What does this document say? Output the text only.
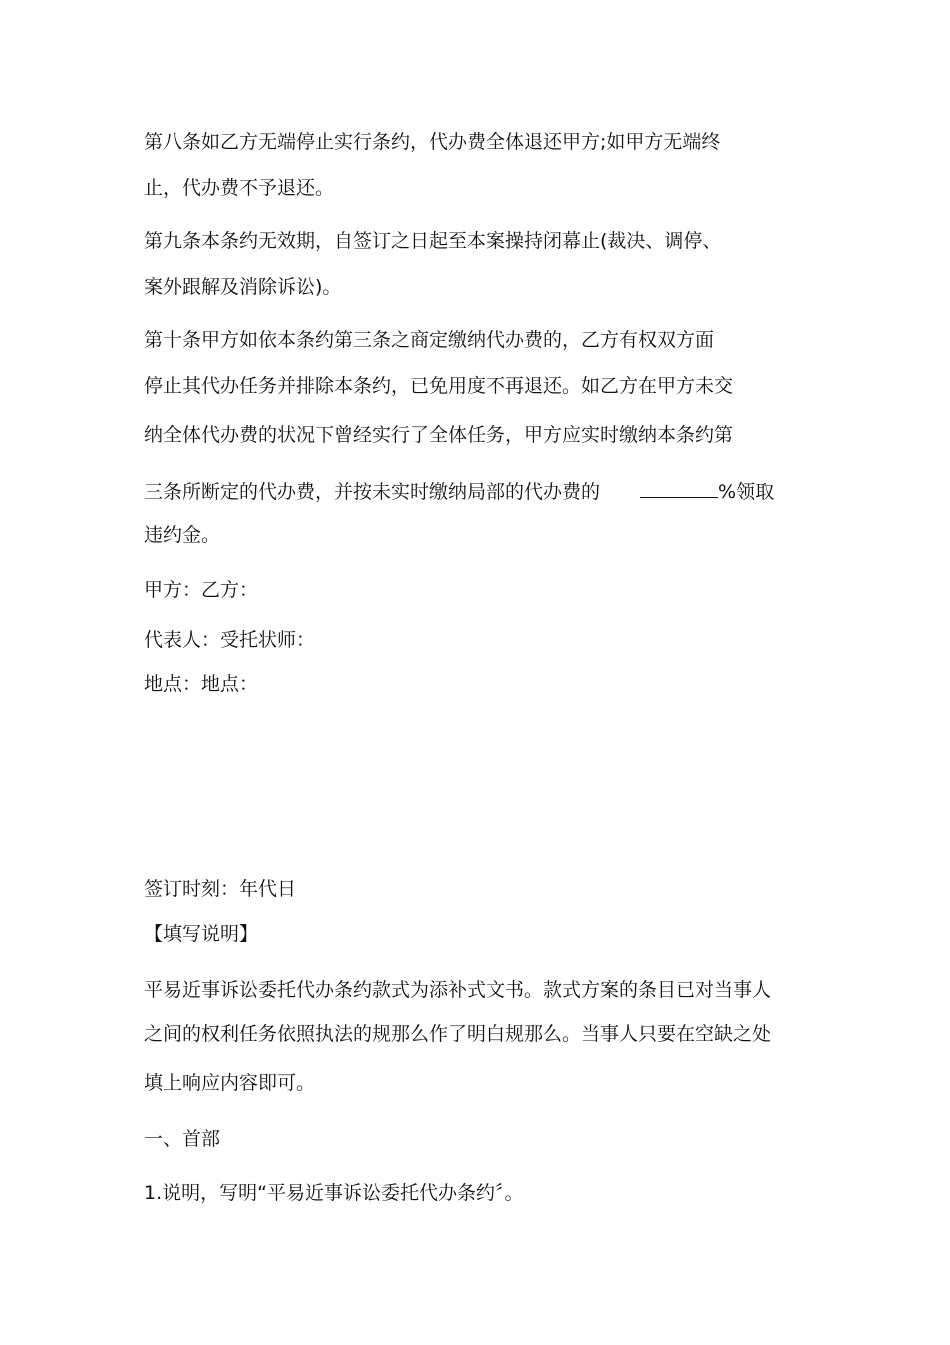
第八条如乙方无端停止实行条约，代办费全体退还甲方;如甲方无端终

止，代办费不予退还。

第九条本条约无效期，自签订之日起至本案操持闭幕止(裁决、调停、

案外跟解及消除诉讼)。

第十条甲方如依本条约第三条之商定缴纳代办费的，乙方有权双方面

停止其代办任务并排除本条约，已免用度不再退还。如乙方在甲方未交

纳全体代办费的状况下曾经实行了全体任务，甲方应实时缴纳本条约第

三条所断定的代办费，并按未实时缴纳局部的代办费的	%领取

违约金。

甲方：乙方：

代表人：受托状师：

地点：地点：

签订时刻：年代日

【填写说明】

平易近事诉讼委托代办条约款式为添补式文书。款式方案的条目已对当事人

之间的权利任务依照执法的规那么作了明白规那么。当事人只要在空缺之处

填上响应内容即可。

一、首部

1.说明，写明“平易近事诉讼委托代办条约〞。
